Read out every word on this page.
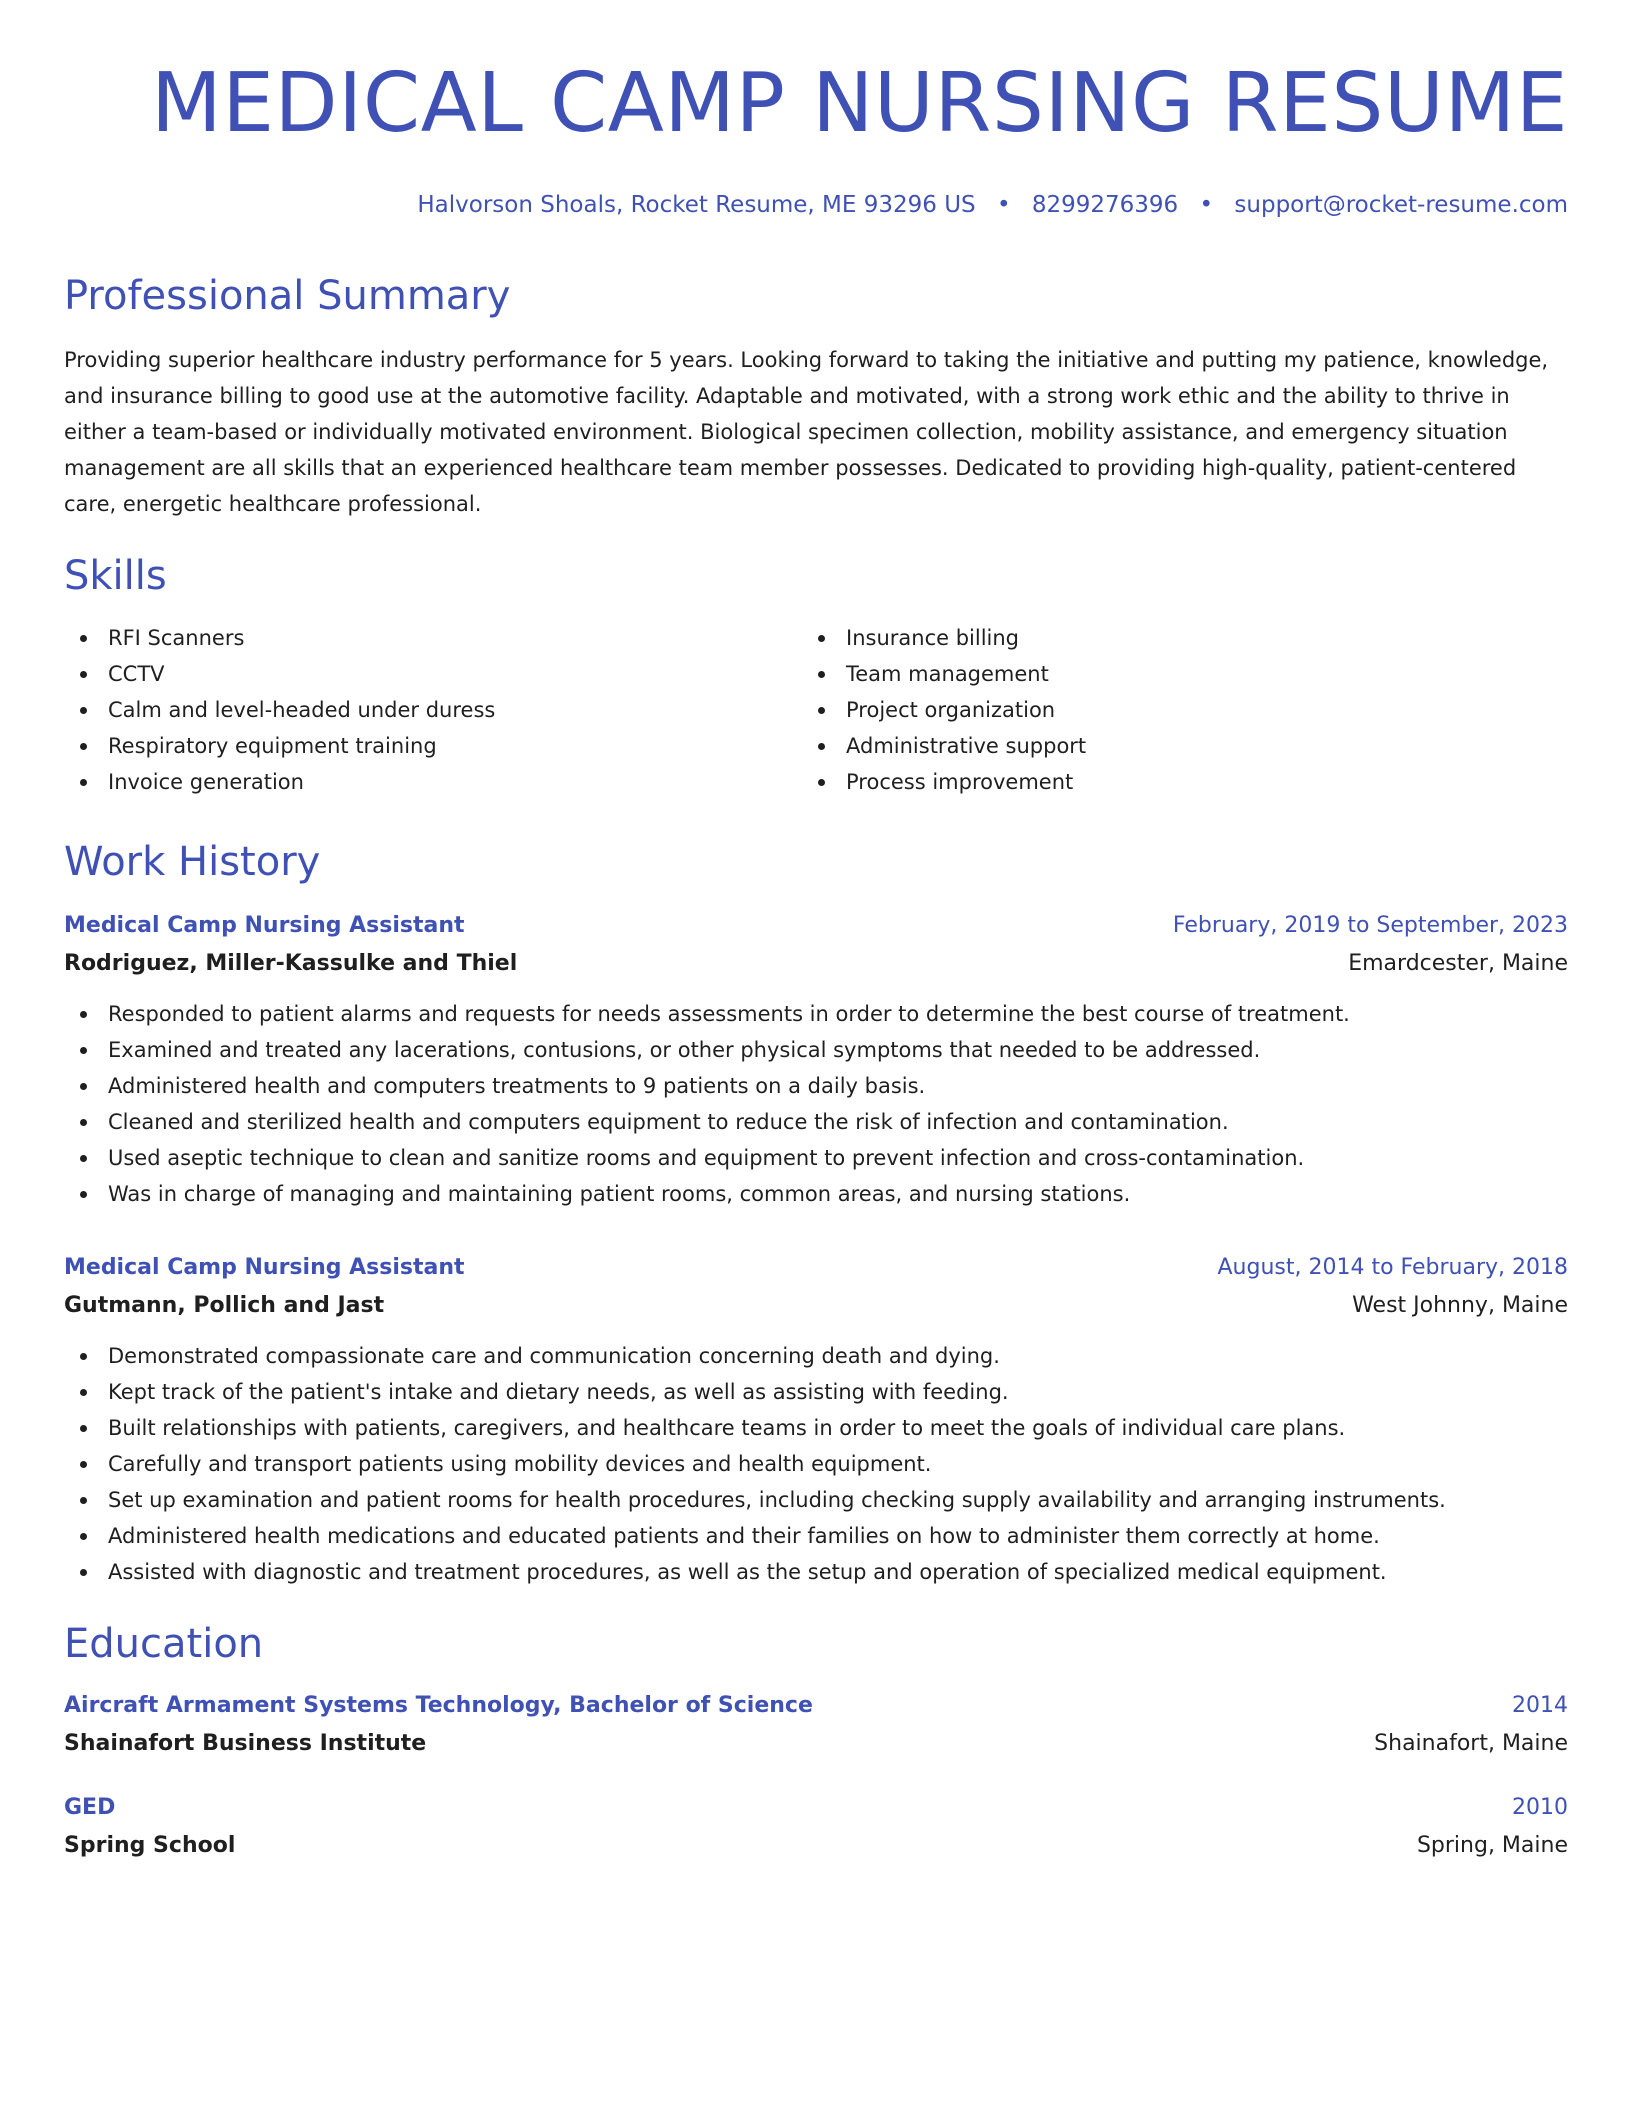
MEDICAL CAMP NURSING RESUME
Halvorson Shoals, Rocket Resume, ME 93296 US • 8299276396 • support@rocket-resume.com
Professional Summary

Providing superior healthcare industry performance for 5 years. Looking forward to taking the initiative and putting my patience, knowledge, and insurance billing to good use at the automotive facility. Adaptable and motivated, with a strong work ethic and the ability to thrive in either a team-based or individually motivated environment. Biological specimen collection, mobility assistance, and emergency situation management are all skills that an experienced healthcare team member possesses. Dedicated to providing high-quality, patient-centered care, energetic healthcare professional.

Skills
RFI Scanners
CCTV
Calm and level-headed under duress
Respiratory equipment training
Invoice generation
Insurance billing
Team management
Project organization
Administrative support
Process improvement
Work History
Medical Camp Nursing Assistant	February, 2019 to September, 2023
Rodriguez, Miller-Kassulke and Thiel	Emardcester, Maine
Responded to patient alarms and requests for needs assessments in order to determine the best course of treatment.
Examined and treated any lacerations, contusions, or other physical symptoms that needed to be addressed.
Administered health and computers treatments to 9 patients on a daily basis.
Cleaned and sterilized health and computers equipment to reduce the risk of infection and contamination.
Used aseptic technique to clean and sanitize rooms and equipment to prevent infection and cross-contamination.
Was in charge of managing and maintaining patient rooms, common areas, and nursing stations.
Medical Camp Nursing Assistant	August, 2014 to February, 2018
Gutmann, Pollich and Jast	West Johnny, Maine
Demonstrated compassionate care and communication concerning death and dying.
Kept track of the patient's intake and dietary needs, as well as assisting with feeding.
Built relationships with patients, caregivers, and healthcare teams in order to meet the goals of individual care plans.
Carefully and transport patients using mobility devices and health equipment.
Set up examination and patient rooms for health procedures, including checking supply availability and arranging instruments.
Administered health medications and educated patients and their families on how to administer them correctly at home.
Assisted with diagnostic and treatment procedures, as well as the setup and operation of specialized medical equipment.
Education
Aircraft Armament Systems Technology, Bachelor of Science	2014
Shainafort Business Institute	Shainafort, Maine
GED	2010
Spring School	Spring, Maine
